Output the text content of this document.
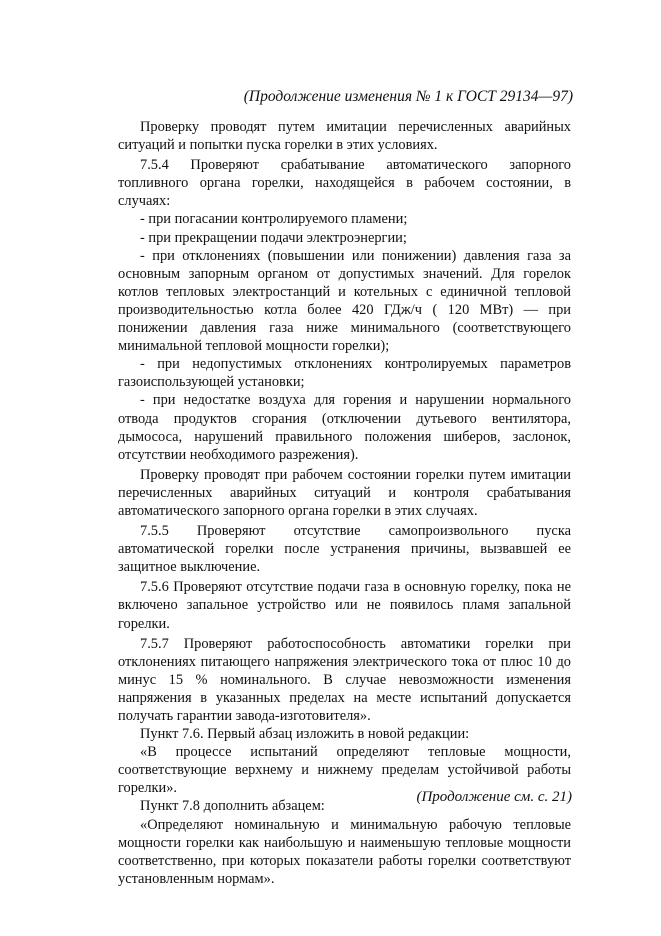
(Продолжение изменения № 1 к ГОСТ 29134—97)

Проверку проводят путем имитации перечисленных аварийных ситуаций и попытки пуска горелки в этих условиях.

7.5.4 Проверяют срабатывание автоматического запорного топливного органа горелки, находящейся в рабочем состоянии, в случаях:

- при погасании контролируемого пламени;

- при прекращении подачи электроэнергии;

- при отклонениях (повышении или понижении) давления газа за основным запорным органом от допустимых значений. Для горелок котлов тепловых электростанций и котельных с единичной тепловой производительностью котла более 420 ГДж/ч ( 120 МВт) — при понижении давления газа ниже минимального (соответствующего минимальной тепловой мощности горелки);

- при недопустимых отклонениях контролируемых параметров газоиспользующей установки;

- при недостатке воздуха для горения и нарушении нормального отвода продуктов сгорания (отключении дутьевого вентилятора, дымососа, нарушений правильного положения шиберов, заслонок, отсутствии необходимого разрежения).

Проверку проводят при рабочем состоянии горелки путем имитации перечисленных аварийных ситуаций и контроля срабатывания автоматического запорного органа горелки в этих случаях.

7.5.5 Проверяют отсутствие самопроизвольного пуска автоматической горелки после устранения причины, вызвавшей ее защитное выключение.

7.5.6 Проверяют отсутствие подачи газа в основную горелку, пока не включено запальное устройство или не появилось пламя запальной горелки.

7.5.7 Проверяют работоспособность автоматики горелки при отклонениях питающего напряжения электрического тока от плюс 10 до минус 15 % номинального. В случае невозможности изменения напряжения в указанных пределах на месте испытаний допускается получать гарантии завода-изготовителя».

Пункт 7.6. Первый абзац изложить в новой редакции:

«В процессе испытаний определяют тепловые мощности, соответствующие верхнему и нижнему пределам устойчивой работы горелки».

Пункт 7.8 дополнить абзацем:

«Определяют номинальную и минимальную рабочую тепловые мощности горелки как наибольшую и наименьшую тепловые мощности соответственно, при которых показатели работы горелки соответствуют установленным нормам».

(Продолжение см. с. 21)
